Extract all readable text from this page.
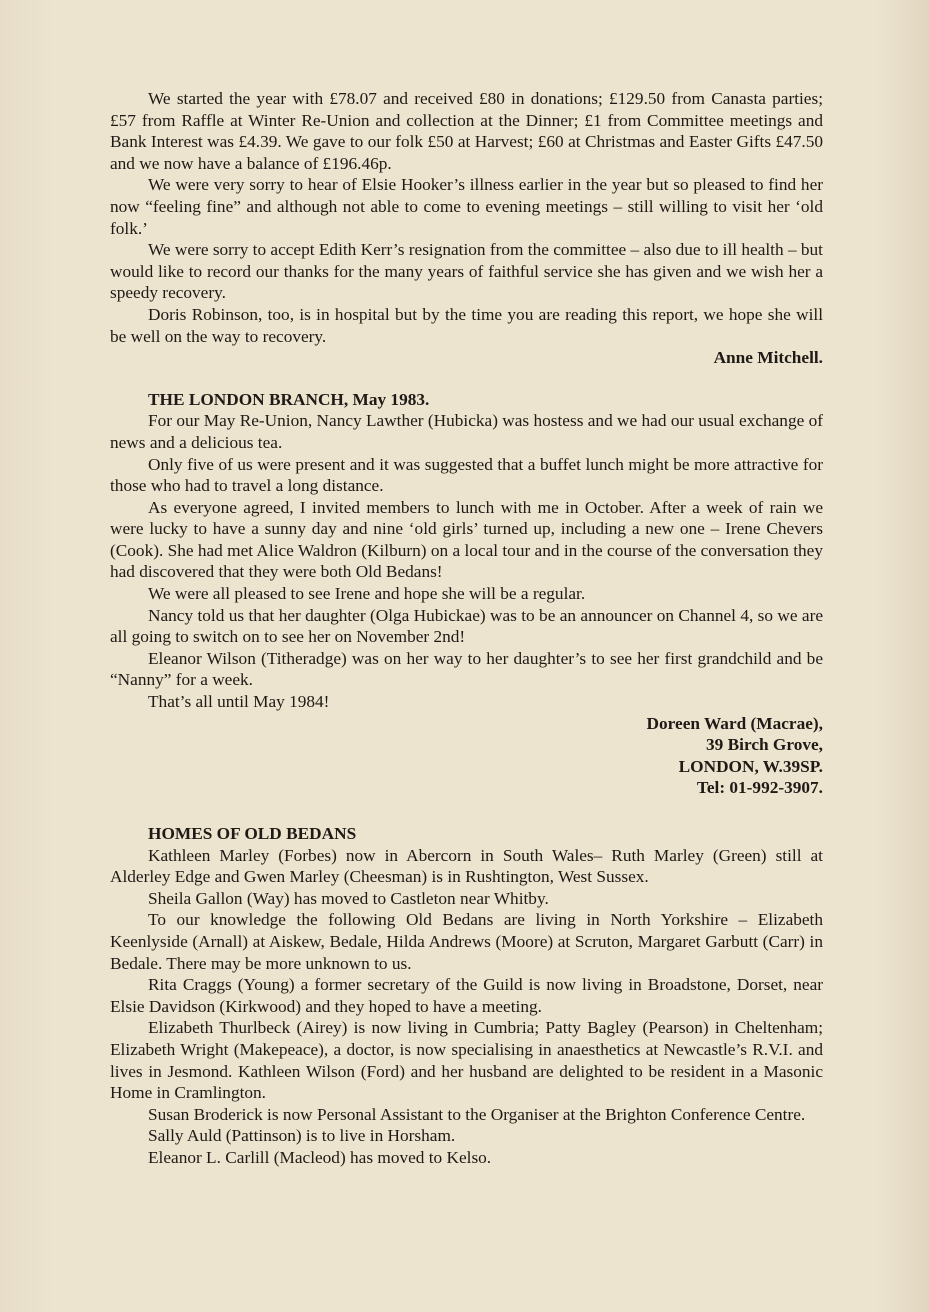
We started the year with £78.07 and received £80 in donations; £129.50 from Canasta parties; £57 from Raffle at Winter Re-Union and collection at the Dinner; £1 from Committee meetings and Bank Interest was £4.39. We gave to our folk £50 at Harvest; £60 at Christmas and Easter Gifts £47.50 and we now have a balance of £196.46p.

We were very sorry to hear of Elsie Hooker’s illness earlier in the year but so pleased to find her now “feeling fine” and although not able to come to evening meetings – still willing to visit her ‘old folk.’

We were sorry to accept Edith Kerr’s resignation from the committee – also due to ill health – but would like to record our thanks for the many years of faithful service she has given and we wish her a speedy recovery.

Doris Robinson, too, is in hospital but by the time you are reading this report, we hope she will be well on the way to recovery.

Anne Mitchell.

THE LONDON BRANCH, May 1983.

For our May Re-Union, Nancy Lawther (Hubicka) was hostess and we had our usual exchange of news and a delicious tea.

Only five of us were present and it was suggested that a buffet lunch might be more attractive for those who had to travel a long distance.

As everyone agreed, I invited members to lunch with me in October. After a week of rain we were lucky to have a sunny day and nine ‘old girls’ turned up, including a new one – Irene Chevers (Cook). She had met Alice Waldron (Kilburn) on a local tour and in the course of the conversation they had discovered that they were both Old Bedans!

We were all pleased to see Irene and hope she will be a regular.

Nancy told us that her daughter (Olga Hubickae) was to be an announcer on Channel 4, so we are all going to switch on to see her on November 2nd!

Eleanor Wilson (Titheradge) was on her way to her daughter’s to see her first grandchild and be “Nanny” for a week.

That’s all until May 1984!

Doreen Ward (Macrae),
39 Birch Grove,
LONDON, W.39SP.
Tel: 01-992-3907.

HOMES OF OLD BEDANS

Kathleen Marley (Forbes) now in Abercorn in South Wales– Ruth Marley (Green) still at Alderley Edge and Gwen Marley (Cheesman) is in Rushtington, West Sussex.

Sheila Gallon (Way) has moved to Castleton near Whitby.

To our knowledge the following Old Bedans are living in North Yorkshire – Elizabeth Keenlyside (Arnall) at Aiskew, Bedale, Hilda Andrews (Moore) at Scruton, Margaret Garbutt (Carr) in Bedale. There may be more unknown to us.

Rita Craggs (Young) a former secretary of the Guild is now living in Broadstone, Dorset, near Elsie Davidson (Kirkwood) and they hoped to have a meeting.

Elizabeth Thurlbeck (Airey) is now living in Cumbria; Patty Bagley (Pearson) in Cheltenham; Elizabeth Wright (Makepeace), a doctor, is now specialising in anaesthetics at Newcastle’s R.V.I. and lives in Jesmond. Kathleen Wilson (Ford) and her husband are delighted to be resident in a Masonic Home in Cramlington.

Susan Broderick is now Personal Assistant to the Organiser at the Brighton Conference Centre.

Sally Auld (Pattinson) is to live in Horsham.

Eleanor L. Carlill (Macleod) has moved to Kelso.
